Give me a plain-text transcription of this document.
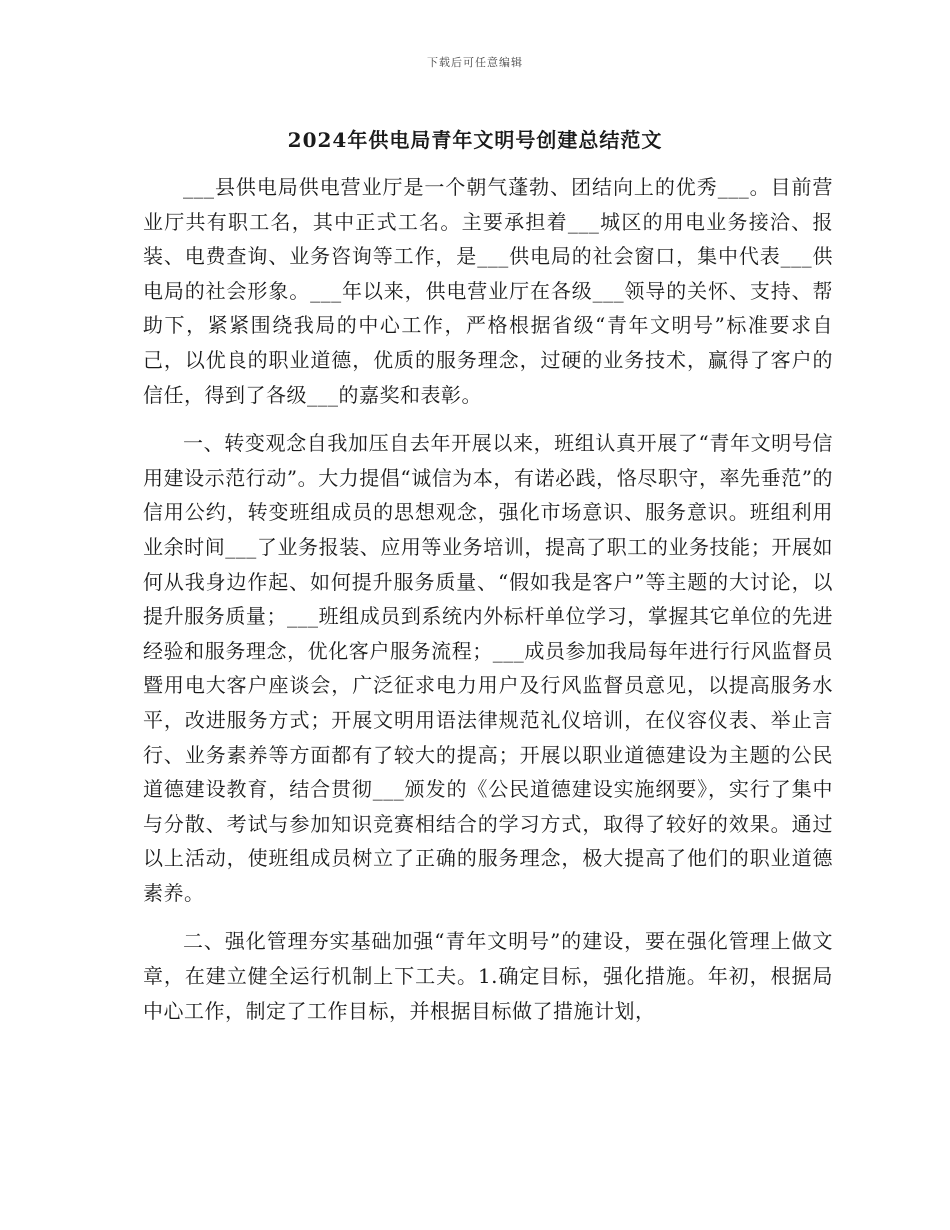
下载后可任意编辑
2024年供电局青年文明号创建总结范文

___县供电局供电营业厅是一个朝气蓬勃、团结向上的优秀___。目前营业厅共有职工名，其中正式工名。主要承担着___城区的用电业务接洽、报装、电费查询、业务咨询等工作，是___供电局的社会窗口，集中代表___供电局的社会形象。___年以来，供电营业厅在各级___领导的关怀、支持、帮助下，紧紧围绕我局的中心工作，严格根据省级“青年文明号”标准要求自己，以优良的职业道德，优质的服务理念，过硬的业务技术，赢得了客户的信任，得到了各级___的嘉奖和表彰。

一、转变观念自我加压自去年开展以来，班组认真开展了“青年文明号信用建设示范行动”。大力提倡“诚信为本，有诺必践，恪尽职守，率先垂范”的信用公约，转变班组成员的思想观念，强化市场意识、服务意识。班组利用业余时间___了业务报装、应用等业务培训，提高了职工的业务技能；开展如何从我身边作起、如何提升服务质量、“假如我是客户”等主题的大讨论，以提升服务质量；___班组成员到系统内外标杆单位学习，掌握其它单位的先进经验和服务理念，优化客户服务流程；___成员参加我局每年进行行风监督员暨用电大客户座谈会，广泛征求电力用户及行风监督员意见，以提高服务水平，改进服务方式；开展文明用语法律规范礼仪培训，在仪容仪表、举止言行、业务素养等方面都有了较大的提高；开展以职业道德建设为主题的公民道德建设教育，结合贯彻___颁发的《公民道德建设实施纲要》，实行了集中与分散、考试与参加知识竞赛相结合的学习方式，取得了较好的效果。通过以上活动，使班组成员树立了正确的服务理念，极大提高了他们的职业道德素养。

二、强化管理夯实基础加强“青年文明号”的建设，要在强化管理上做文章，在建立健全运行机制上下工夫。1.确定目标，强化措施。年初，根据局中心工作，制定了工作目标，并根据目标做了措施计划，
